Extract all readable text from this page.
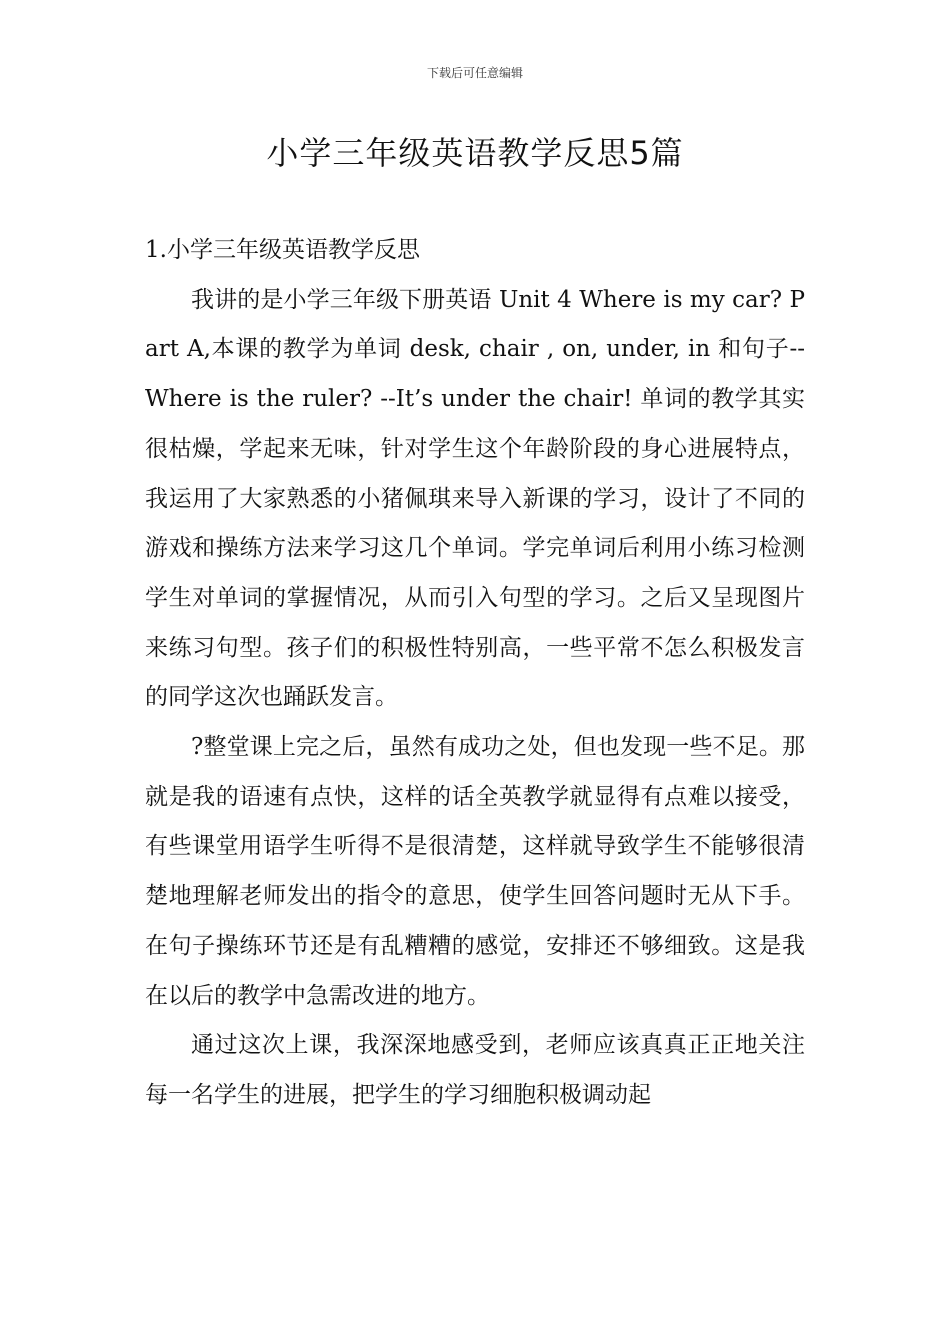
下载后可任意编辑
小学三年级英语教学反思5篇

1.小学三年级英语教学反思

我讲的是小学三年级下册英语 Unit 4 Where is my car? Part A,本课的教学为单词 desk, chair , on, under, in 和句子--Where is the ruler? --It’s under the chair! 单词的教学其实很枯燥，学起来无味，针对学生这个年龄阶段的身心进展特点，我运用了大家熟悉的小猪佩琪来导入新课的学习，设计了不同的游戏和操练方法来学习这几个单词。学完单词后利用小练习检测学生对单词的掌握情况，从而引入句型的学习。之后又呈现图片来练习句型。孩子们的积极性特别高，一些平常不怎么积极发言的同学这次也踊跃发言。

?整堂课上完之后，虽然有成功之处，但也发现一些不足。那就是我的语速有点快，这样的话全英教学就显得有点难以接受，有些课堂用语学生听得不是很清楚，这样就导致学生不能够很清楚地理解老师发出的指令的意思，使学生回答问题时无从下手。在句子操练环节还是有乱糟糟的感觉，安排还不够细致。这是我在以后的教学中急需改进的地方。

通过这次上课，我深深地感受到，老师应该真真正正地关注每一名学生的进展，把学生的学习细胞积极调动起
